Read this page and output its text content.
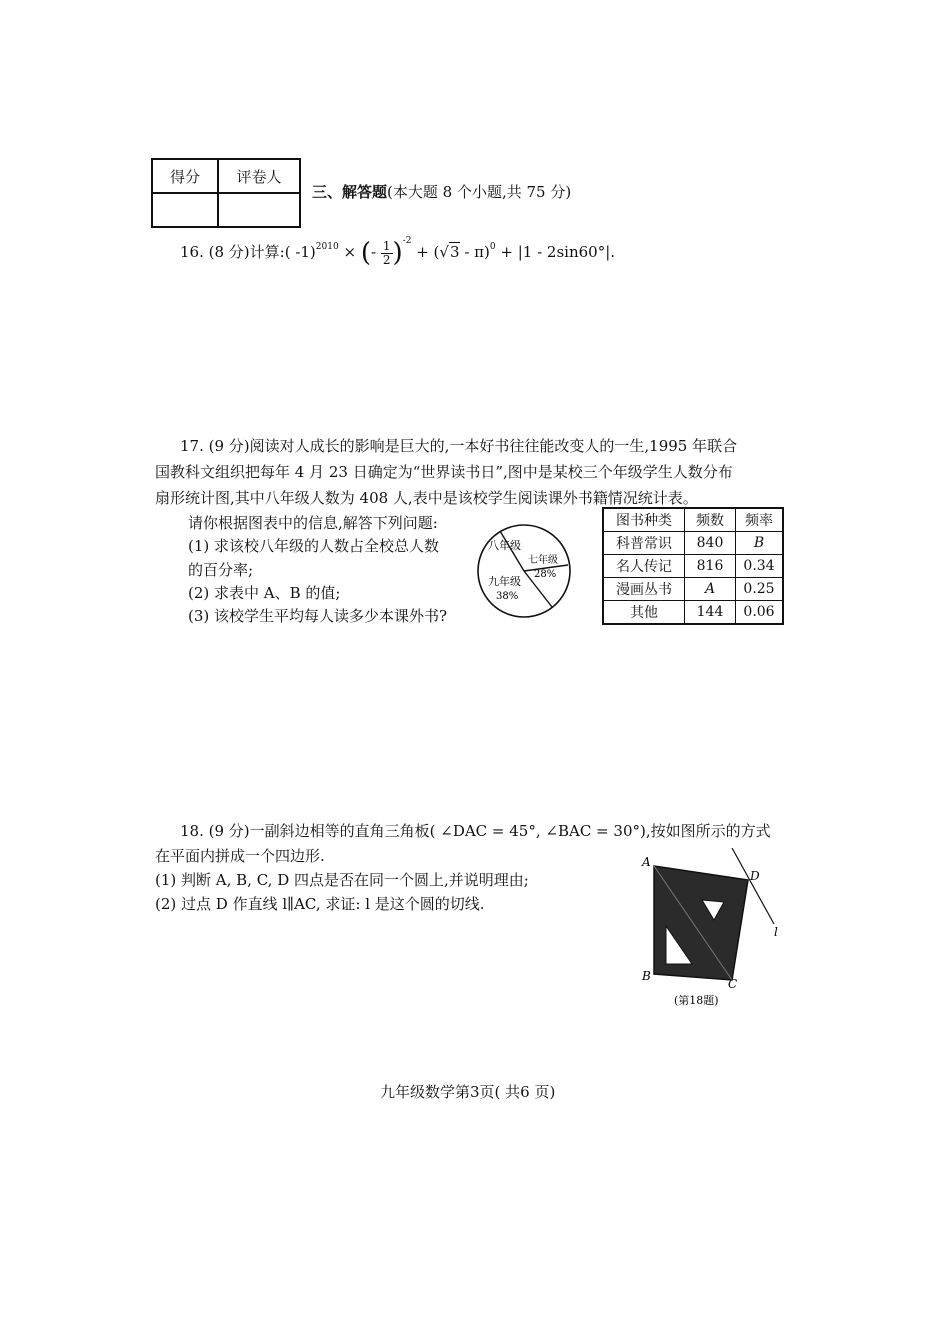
得分	评卷人

三、解答题(本大题 8 个小题,共 75 分)
16. (8 分)计算:( -1)$^{2010}$ × (- $\frac{1}{2} )^{-2} + (√3 - \pi)^0 + |1 - 2\sin 60^\circ|$.
17. (9 分)阅读对人成长的影响是巨大的,一本好书往往能改变人的一生,1995 年联合
国教科文组织把每年 4 月 23 日确定为“世界读书日”,图中是某校三个年级学生人数分布
扇形统计图,其中八年级人数为 408 人,表中是该校学生阅读课外书籍情况统计表。
请你根据图表中的信息,解答下列问题:
(1) 求该校八年级的人数占全校总人数
的百分率;
(2) 求表中 A、B 的值;
(3) 该校学生平均每人读多少本课外书?
八年级
七年级
28%
九年级
38%
图书种类	频数	频率
科普常识	840	B
名人传记	816	0.34
漫画丛书	A	0.25
其他	144	0.06
18. (9 分)一副斜边相等的直角三角板( ∠DAC = 45°, ∠BAC = 30°),按如图所示的方式
在平面内拼成一个四边形.
(1) 判断 A, B, C, D 四点是否在同一个圆上,并说明理由;
(2) 过点 D 作直线 l∥AC, 求证: l 是这个圆的切线.
A
D
B
C
l
(第18题)
九年级数学第3页( 共6 页)
